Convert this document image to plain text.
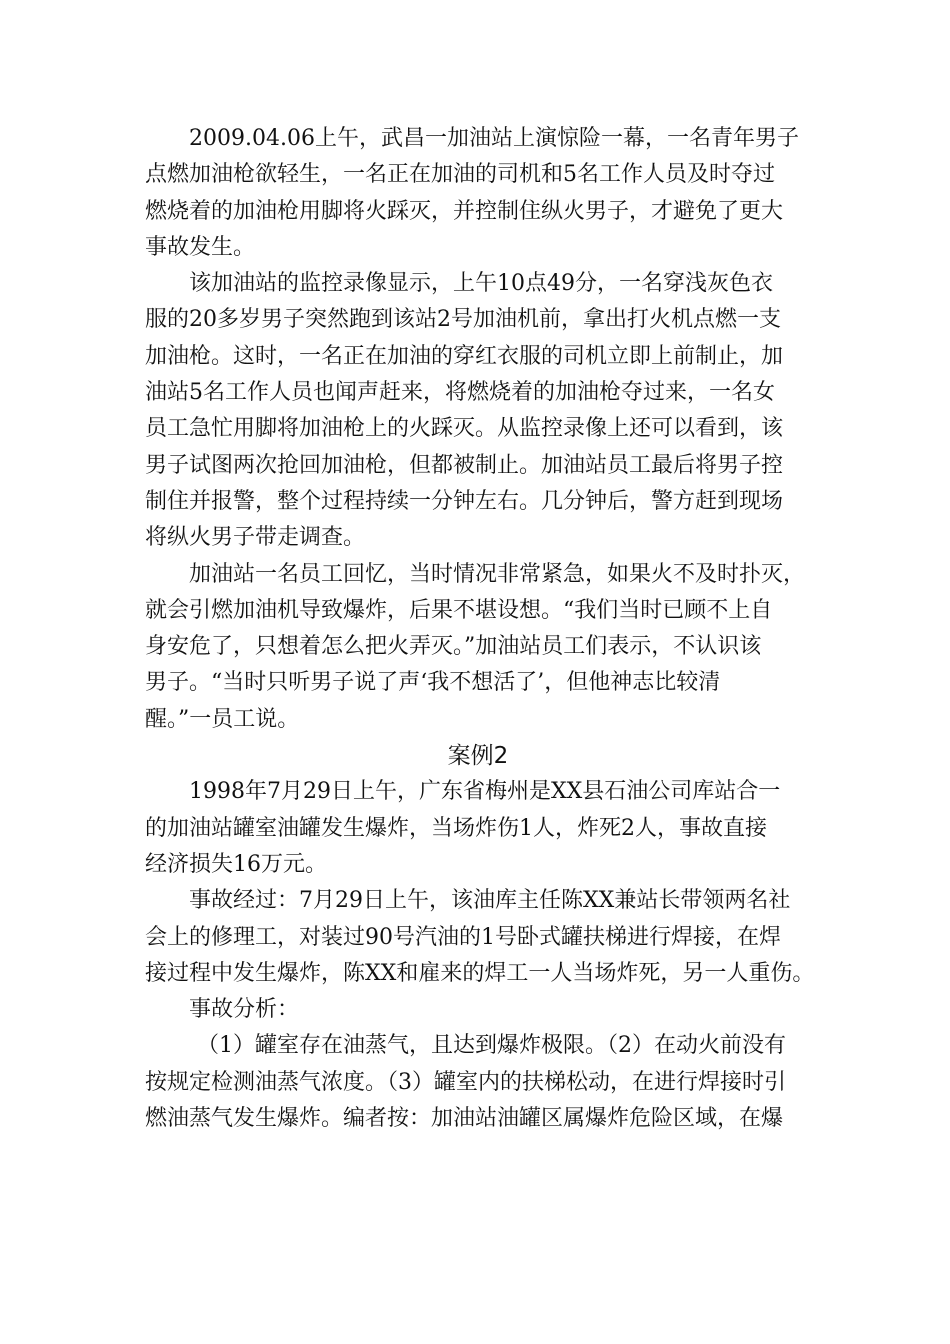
2009.04.06上午，武昌一加油站上演惊险一幕，一名青年男子

点燃加油枪欲轻生，一名正在加油的司机和5名工作人员及时夺过

燃烧着的加油枪用脚将火踩灭，并控制住纵火男子，才避免了更大

事故发生。

该加油站的监控录像显示，上午10点49分，一名穿浅灰色衣

服的20多岁男子突然跑到该站2号加油机前，拿出打火机点燃一支

加油枪。这时，一名正在加油的穿红衣服的司机立即上前制止，加

油站5名工作人员也闻声赶来，将燃烧着的加油枪夺过来，一名女

员工急忙用脚将加油枪上的火踩灭。从监控录像上还可以看到，该

男子试图两次抢回加油枪，但都被制止。加油站员工最后将男子控

制住并报警，整个过程持续一分钟左右。几分钟后，警方赶到现场

将纵火男子带走调查。

加油站一名员工回忆，当时情况非常紧急，如果火不及时扑灭，

就会引燃加油机导致爆炸，后果不堪设想。“我们当时已顾不上自

身安危了，只想着怎么把火弄灭。”加油站员工们表示，不认识该

男子。“当时只听男子说了声‘我不想活了’，但他神志比较清

醒。”一员工说。

案例2

1998年7月29日上午，广东省梅州是XX县石油公司库站合一

的加油站罐室油罐发生爆炸，当场炸伤1人，炸死2人，事故直接

经济损失16万元。

事故经过：7月29日上午，该油库主任陈XX兼站长带领两名社

会上的修理工，对装过90号汽油的1号卧式罐扶梯进行焊接，在焊

接过程中发生爆炸，陈XX和雇来的焊工一人当场炸死，另一人重伤。

事故分析：

（1）罐室存在油蒸气，且达到爆炸极限。（2）在动火前没有

按规定检测油蒸气浓度。（3）罐室内的扶梯松动，在进行焊接时引

燃油蒸气发生爆炸。编者按：加油站油罐区属爆炸危险区域，在爆
